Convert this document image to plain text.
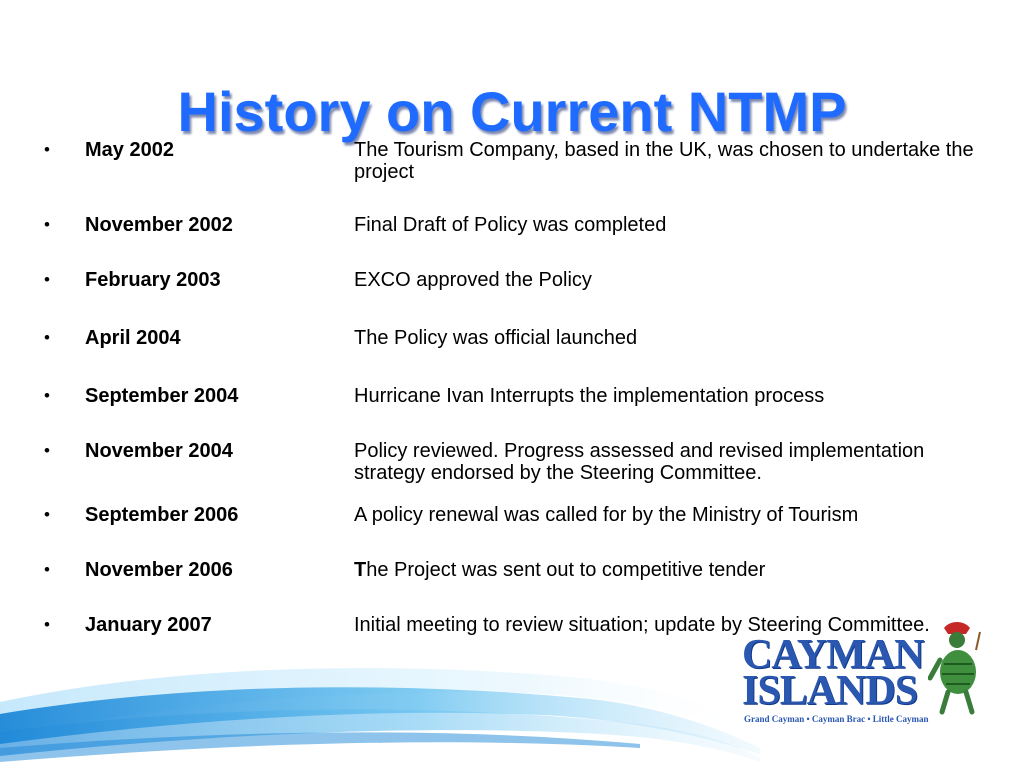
History on Current NTMP
• May 2002	The Tourism Company, based in the UK, was chosen to undertake the project
• November 2002	Final Draft of Policy was completed
• February 2003	EXCO approved the Policy
• April 2004	The Policy was official launched
• September 2004	Hurricane Ivan Interrupts the implementation process
• November 2004	Policy reviewed. Progress assessed and revised implementation strategy endorsed by the Steering Committee.
• September 2006	A policy renewal was called for by the Ministry of Tourism
• November 2006	The Project was sent out to competitive tender
• January 2007	Initial meeting to review situation; update by Steering Committee.
CAYMAN
ISLANDS
Grand Cayman • Cayman Brac • Little Cayman
